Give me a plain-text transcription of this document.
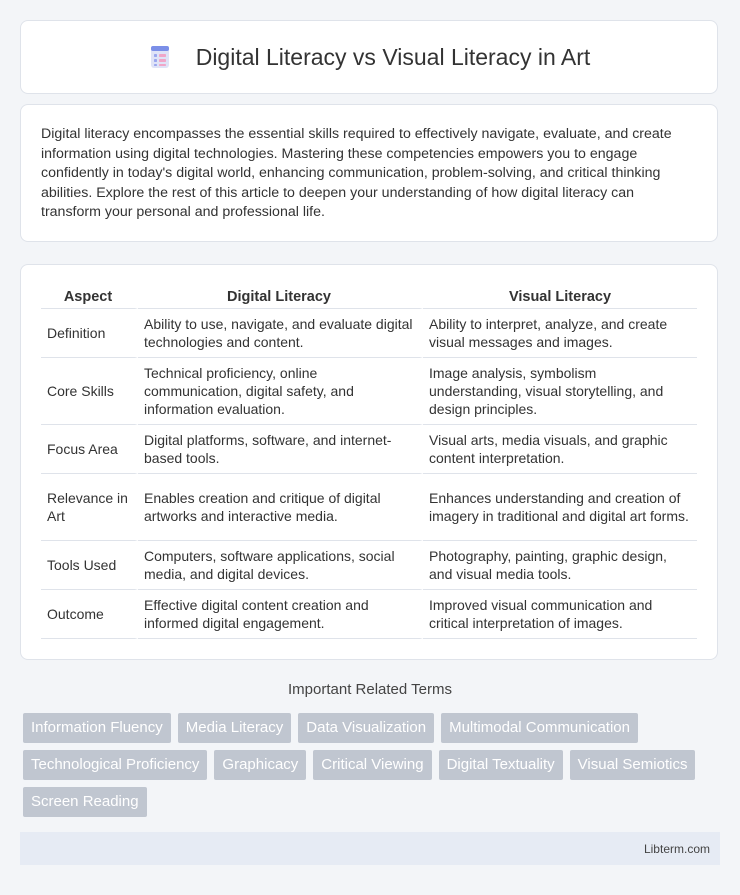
Digital Literacy vs Visual Literacy in Art

Digital literacy encompasses the essential skills required to effectively navigate, evaluate, and create information using digital technologies. Mastering these competencies empowers you to engage confidently in today's digital world, enhancing communication, problem-solving, and critical thinking abilities. Explore the rest of this article to deepen your understanding of how digital literacy can transform your personal and professional life.

Aspect	Digital Literacy	Visual Literacy
Definition	Ability to use, navigate, and evaluate digital technologies and content.	Ability to interpret, analyze, and create visual messages and images.
Core Skills	Technical proficiency, online communication, digital safety, and information evaluation.	Image analysis, symbolism understanding, visual storytelling, and design principles.
Focus Area	Digital platforms, software, and internet-based tools.	Visual arts, media visuals, and graphic content interpretation.
Relevance in Art	Enables creation and critique of digital artworks and interactive media.	Enhances understanding and creation of imagery in traditional and digital art forms.
Tools Used	Computers, software applications, social media, and digital devices.	Photography, painting, graphic design, and visual media tools.
Outcome	Effective digital content creation and informed digital engagement.	Improved visual communication and critical interpretation of images.
Important Related Terms
Information Fluency	Media Literacy	Data Visualization	Multimodal Communication
Technological Proficiency	Graphicacy	Critical Viewing	Digital Textuality	Visual Semiotics
Screen Reading
Libterm.com
